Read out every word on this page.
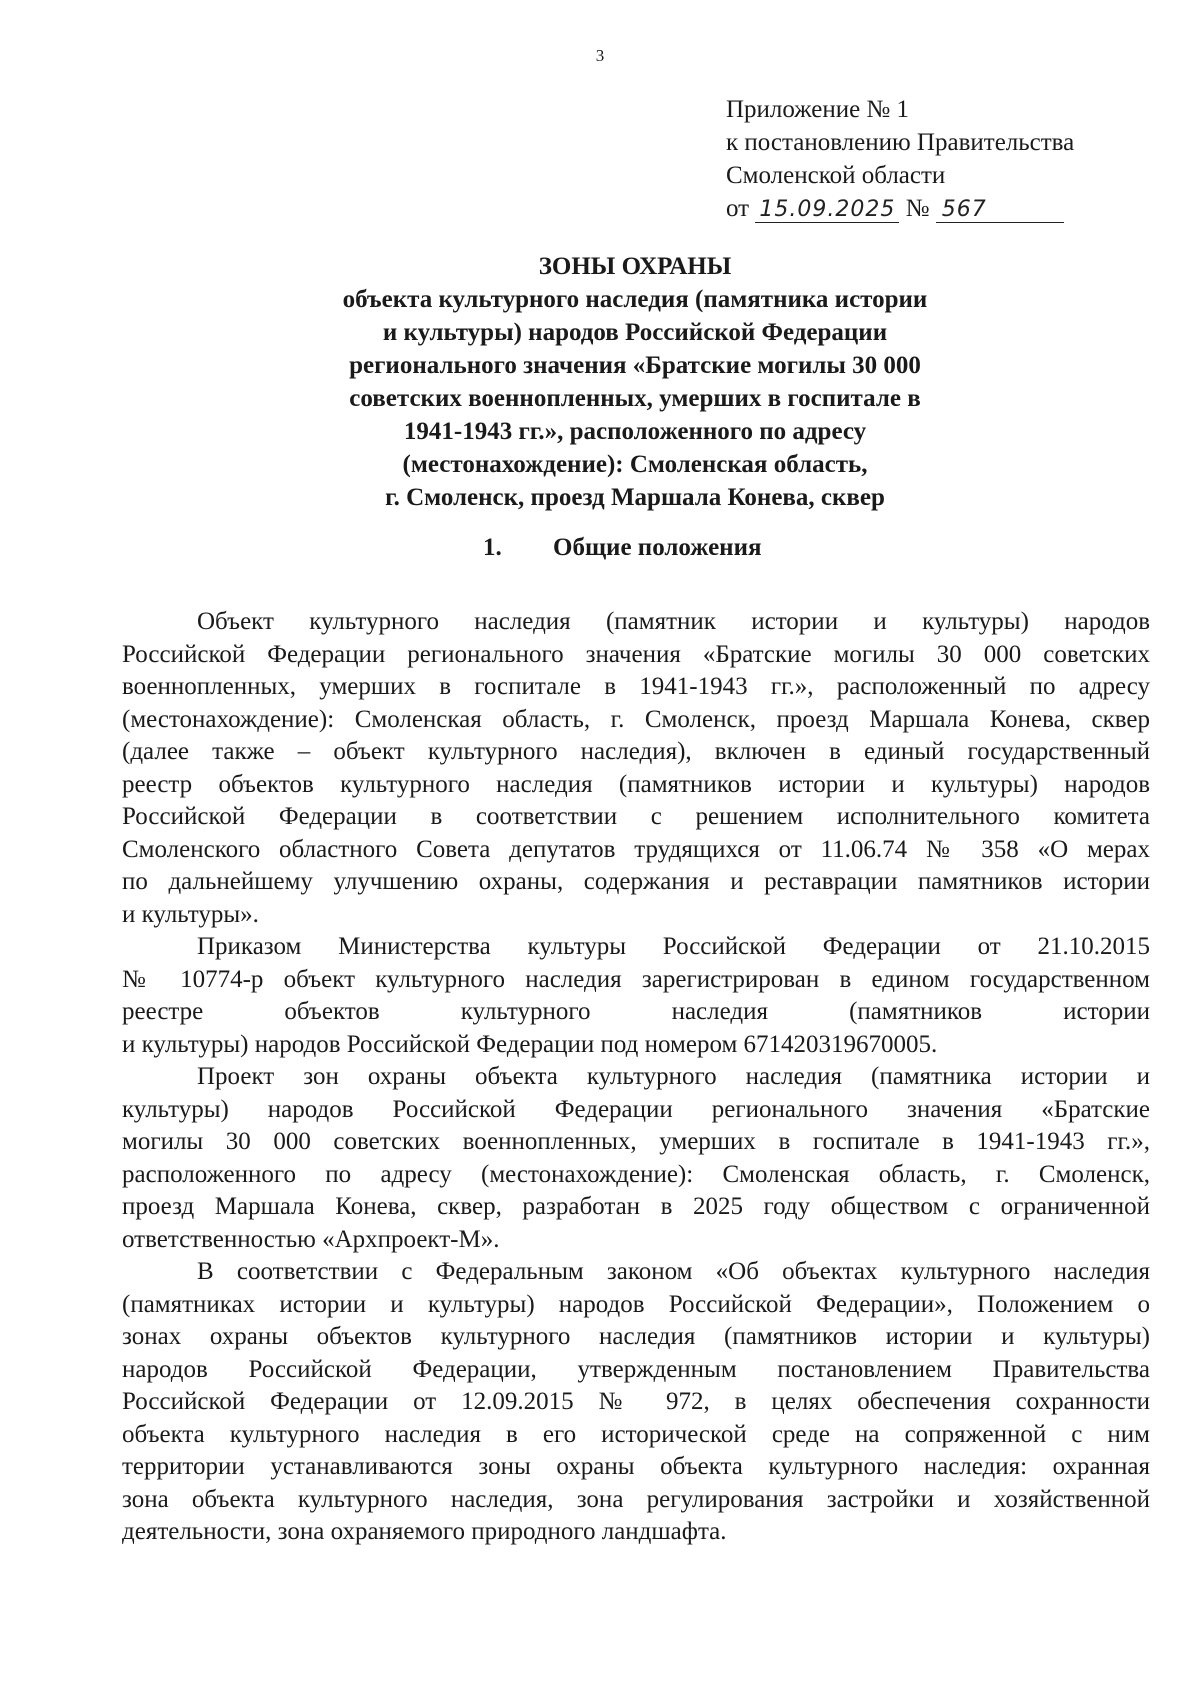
3
Приложение № 1
к постановлению Правительства
Смоленской области
от 15.09.2025 № 567
ЗОНЫ ОХРАНЫ
объекта культурного наследия (памятника истории
и культуры) народов Российской Федерации
регионального значения «Братские могилы 30 000
советских военнопленных, умерших в госпитале в
1941-1943 гг.», расположенного по адресу
(местонахождение): Смоленская область,
г. Смоленск, проезд Маршала Конева, сквер
1. Общие положения
Объект культурного наследия (памятник истории и культуры) народов
Российской Федерации регионального значения «Братские могилы 30 000 советских
военнопленных, умерших в госпитале в 1941-1943 гг.», расположенный по адресу
(местонахождение): Смоленская область, г. Смоленск, проезд Маршала Конева, сквер
(далее также – объект культурного наследия), включен в единый государственный
реестр объектов культурного наследия (памятников истории и культуры) народов
Российской Федерации в соответствии с решением исполнительного комитета
Смоленского областного Совета депутатов трудящихся от 11.06.74 № 358 «О мерах
по дальнейшему улучшению охраны, содержания и реставрации памятников истории
и культуры».
Приказом Министерства культуры Российской Федерации от 21.10.2015
№ 10774-р объект культурного наследия зарегистрирован в едином государственном
реестре объектов культурного наследия (памятников истории
и культуры) народов Российской Федерации под номером 671420319670005.
Проект зон охраны объекта культурного наследия (памятника истории и
культуры) народов Российской Федерации регионального значения «Братские
могилы 30 000 советских военнопленных, умерших в госпитале в 1941-1943 гг.»,
расположенного по адресу (местонахождение): Смоленская область, г. Смоленск,
проезд Маршала Конева, сквер, разработан в 2025 году обществом с ограниченной
ответственностью «Архпроект-М».
В соответствии с Федеральным законом «Об объектах культурного наследия
(памятниках истории и культуры) народов Российской Федерации», Положением о
зонах охраны объектов культурного наследия (памятников истории и культуры)
народов Российской Федерации, утвержденным постановлением Правительства
Российской Федерации от 12.09.2015 № 972, в целях обеспечения сохранности
объекта культурного наследия в его исторической среде на сопряженной с ним
территории устанавливаются зоны охраны объекта культурного наследия: охранная
зона объекта культурного наследия, зона регулирования застройки и хозяйственной
деятельности, зона охраняемого природного ландшафта.
